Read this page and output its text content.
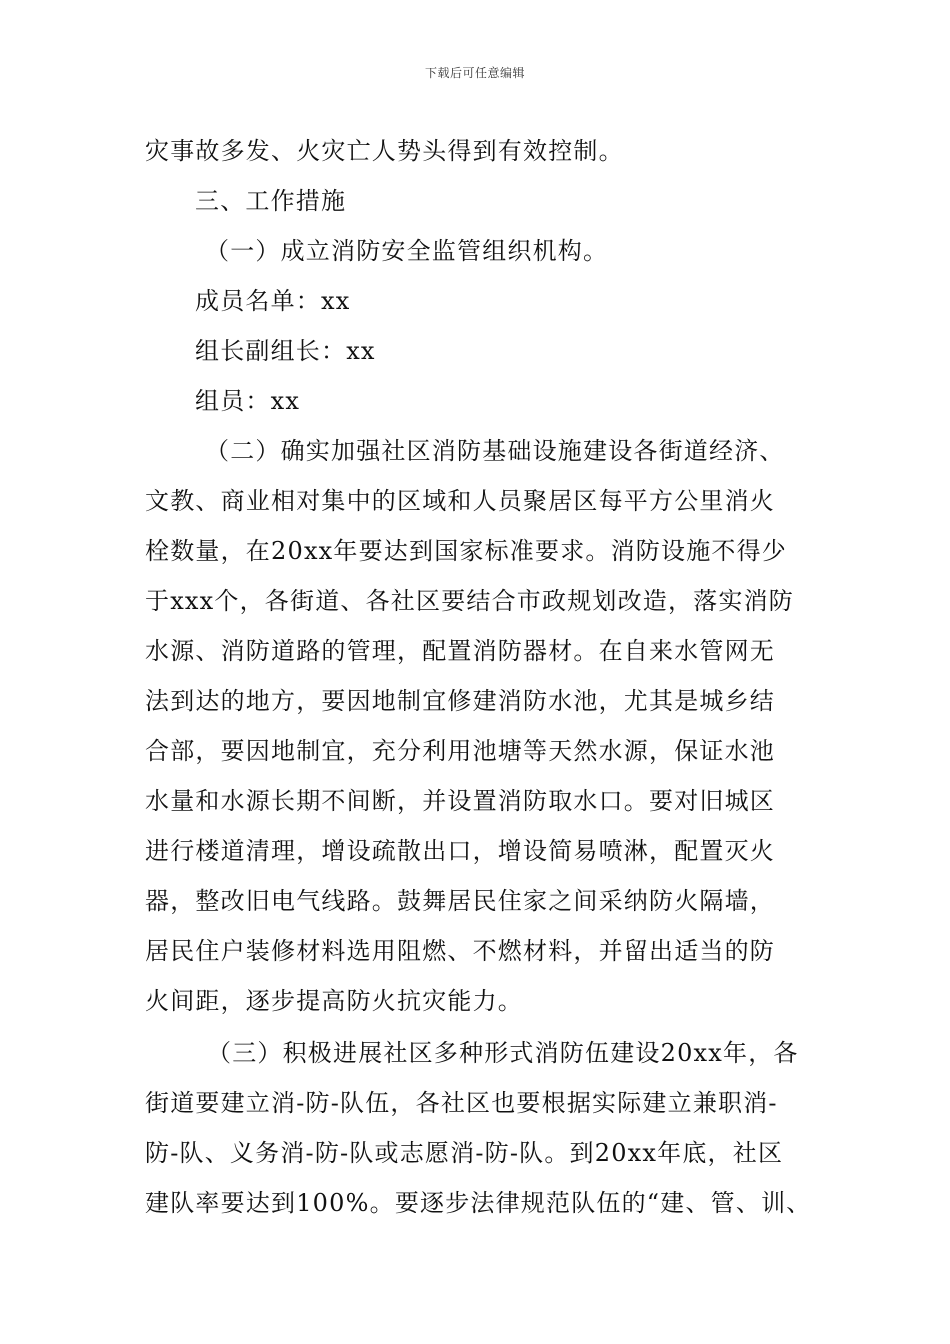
下载后可任意编辑
灾事故多发、火灾亡人势头得到有效控制。
三、工作措施
（一）成立消防安全监管组织机构。
成员名单：xx
组长副组长：xx
组员：xx
（二）确实加强社区消防基础设施建设各街道经济、
文教、商业相对集中的区域和人员聚居区每平方公里消火
栓数量，在20xx年要达到国家标准要求。消防设施不得少
于xxx个，各街道、各社区要结合市政规划改造，落实消防
水源、消防道路的管理，配置消防器材。在自来水管网无
法到达的地方，要因地制宜修建消防水池，尤其是城乡结
合部，要因地制宜，充分利用池塘等天然水源，保证水池
水量和水源长期不间断，并设置消防取水口。要对旧城区
进行楼道清理，增设疏散出口，增设简易喷淋，配置灭火
器，整改旧电气线路。鼓舞居民住家之间采纳防火隔墙，
居民住户装修材料选用阻燃、不燃材料，并留出适当的防
火间距，逐步提高防火抗灾能力。
（三）积极进展社区多种形式消防伍建设20xx年，各
街道要建立消-防-队伍，各社区也要根据实际建立兼职消-
防-队、义务消-防-队或志愿消-防-队。到20xx年底，社区
建队率要达到100%。要逐步法律规范队伍的“建、管、训、
